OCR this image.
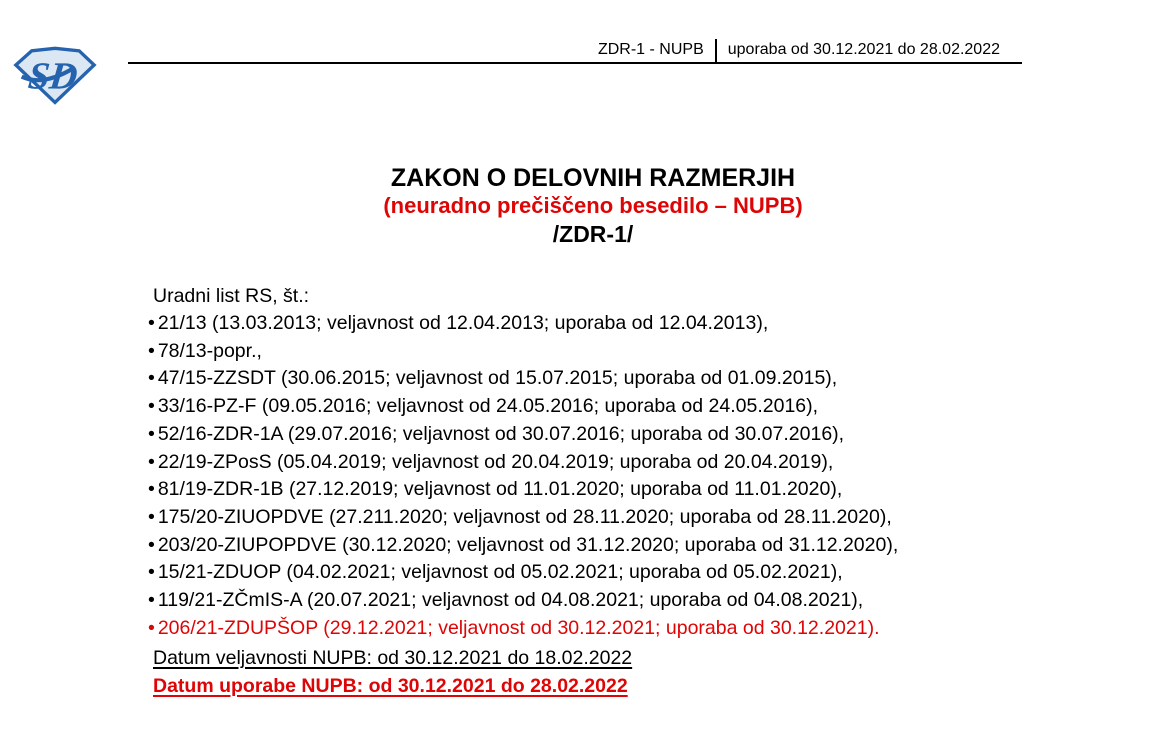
SD
ZDR-1 - NUPB	uporaba od 30.12.2021 do 28.02.2022
ZAKON O DELOVNIH RAZMERJIH
(neuradno prečiščeno besedilo – NUPB)
/ZDR-1/
Uradni list RS, št.:
• 21/13 (13.03.2013; veljavnost od 12.04.2013; uporaba od 12.04.2013),
• 78/13-popr.,
• 47/15-ZZSDT (30.06.2015; veljavnost od 15.07.2015; uporaba od 01.09.2015),
• 33/16-PZ-F (09.05.2016; veljavnost od 24.05.2016; uporaba od 24.05.2016),
• 52/16-ZDR-1A (29.07.2016; veljavnost od 30.07.2016; uporaba od 30.07.2016),
• 22/19-ZPosS (05.04.2019; veljavnost od 20.04.2019; uporaba od 20.04.2019),
• 81/19-ZDR-1B (27.12.2019; veljavnost od 11.01.2020; uporaba od 11.01.2020),
• 175/20-ZIUOPDVE (27.211.2020; veljavnost od 28.11.2020; uporaba od 28.11.2020),
• 203/20-ZIUPOPDVE (30.12.2020; veljavnost od 31.12.2020; uporaba od 31.12.2020),
• 15/21-ZDUOP (04.02.2021; veljavnost od 05.02.2021; uporaba od 05.02.2021),
• 119/21-ZČmIS-A (20.07.2021; veljavnost od 04.08.2021; uporaba od 04.08.2021),
• 206/21-ZDUPŠOP (29.12.2021; veljavnost od 30.12.2021; uporaba od 30.12.2021).
Datum veljavnosti NUPB: od 30.12.2021 do 18.02.2022
Datum uporabe NUPB: od 30.12.2021 do 28.02.2022
